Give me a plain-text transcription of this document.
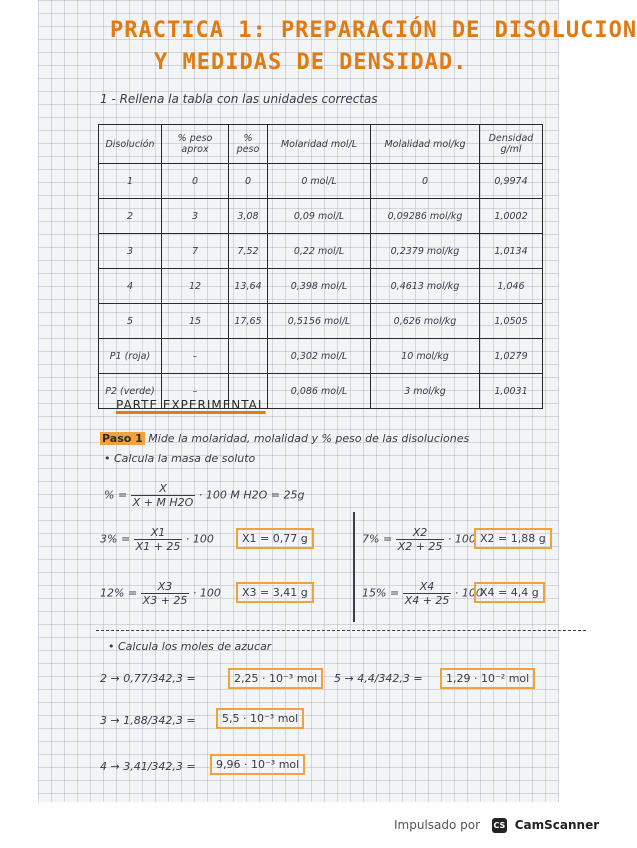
PRACTICA 1: PREPARACIÓN DE DISOLUCION
Y MEDIDAS DE DENSIDAD.
1 - Rellena la tabla con las unidades correctas
Disolución	% peso aprox	% peso	Molaridad mol/L	Molalidad mol/kg	Densidad g/ml
1	0	0	0 mol/L	0	0,9974
2	3	3,08	0,09 mol/L	0,09286 mol/kg	1,0002
3	7	7,52	0,22 mol/L	0,2379 mol/kg	1,0134
4	12	13,64	0,398 mol/L	0,4613 mol/kg	1,046
5	15	17,65	0,5156 mol/L	0,626 mol/kg	1,0505
P1 (roja)	–		0,302 mol/L	10 mol/kg	1,0279
P2 (verde)	–		0,086 mol/L	3 mol/kg	1,0031
PARTE EXPERIMENTAL
Paso 1 Mide la molaridad, molalidad y % peso de las disoluciones
• Calcula la masa de soluto
% = $\frac{X}{\text{X + M H2O}} \cdot 100$ M H2O = 25g
$3\% = \frac{X1}{X1 + 25} \cdot 100$	X1 = 0,77 g	$7\% = \frac{X2}{X2 + 25} \cdot 100$ X2 = 1,88 g
$12\% = \frac{X3}{X3 + 25} \cdot 100$	X3 = 3,41 g	$15\% = \frac{X4}{X4 + 25} \cdot 100$
X4 = 4,4 g
• Calcula los moles de azucar
2 → 0,77/342,3 =	2,25 · 10⁻³ mol	5 → 4,4/342,3 =	1,29 · 10⁻² mol
3 → 1,88/342,3 =	5,5 · 10⁻³ mol
4 → 3,41/342,3 =	9,96 · 10⁻³ mol
Impulsado por CS CamScanner
